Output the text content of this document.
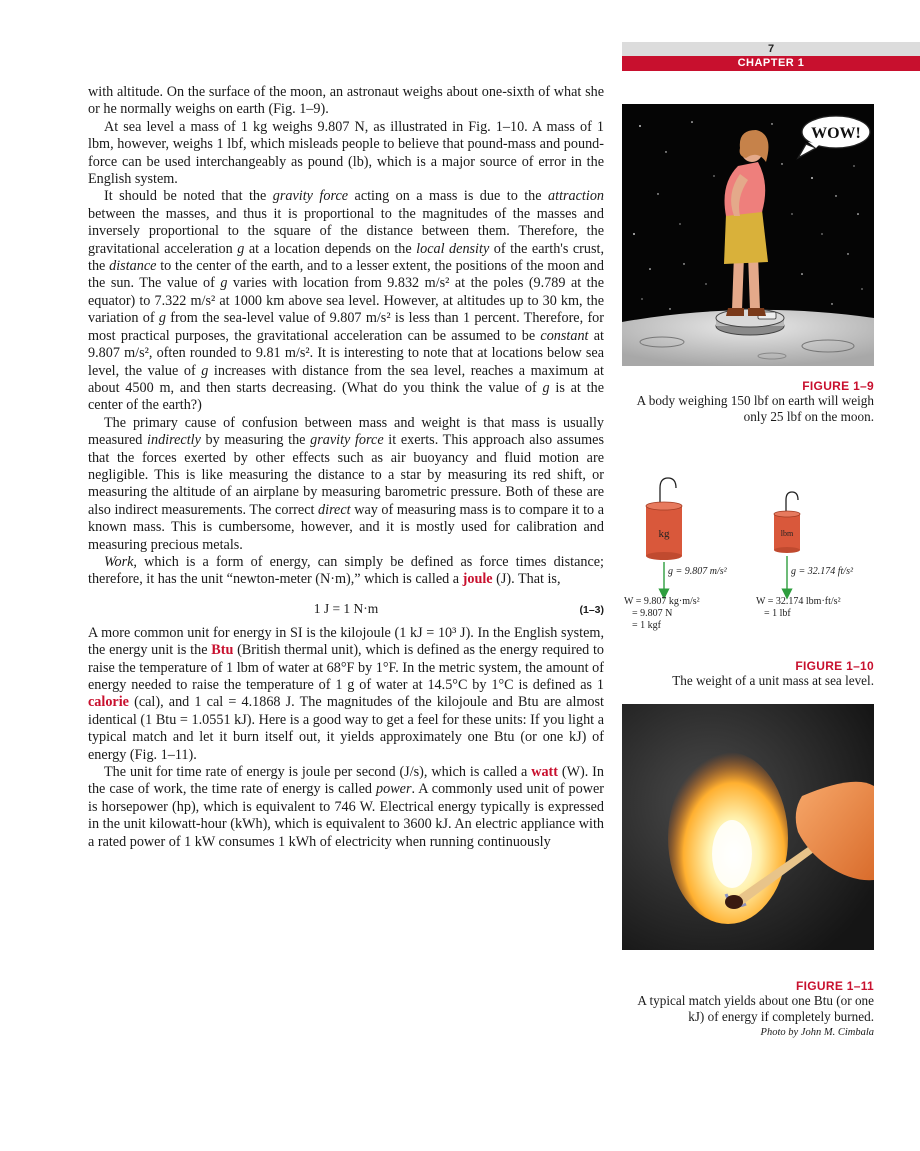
7
CHAPTER 1

with altitude. On the surface of the moon, an astronaut weighs about one-sixth of what she or he normally weighs on earth (Fig. 1–9).

At sea level a mass of 1 kg weighs 9.807 N, as illustrated in Fig. 1–10. A mass of 1 lbm, however, weighs 1 lbf, which misleads people to believe that pound-mass and pound-force can be used interchangeably as pound (lb), which is a major source of error in the English system.

It should be noted that the gravity force acting on a mass is due to the attraction between the masses, and thus it is proportional to the magnitudes of the masses and inversely proportional to the square of the distance between them. Therefore, the gravitational acceleration g at a location depends on the local density of the earth's crust, the distance to the center of the earth, and to a lesser extent, the positions of the moon and the sun. The value of g varies with location from 9.832 m/s² at the poles (9.789 at the equator) to 7.322 m/s² at 1000 km above sea level. However, at altitudes up to 30 km, the variation of g from the sea-level value of 9.807 m/s² is less than 1 percent. Therefore, for most practical purposes, the gravitational acceleration can be assumed to be constant at 9.807 m/s², often rounded to 9.81 m/s². It is interesting to note that at locations below sea level, the value of g increases with distance from the sea level, reaches a maximum at about 4500 m, and then starts decreasing. (What do you think the value of g is at the center of the earth?)

The primary cause of confusion between mass and weight is that mass is usually measured indirectly by measuring the gravity force it exerts. This approach also assumes that the forces exerted by other effects such as air buoyancy and fluid motion are negligible. This is like measuring the distance to a star by measuring its red shift, or measuring the altitude of an airplane by measuring barometric pressure. Both of these are also indirect measurements. The correct direct way of measuring mass is to compare it to a known mass. This is cumbersome, however, and it is mostly used for calibration and measuring precious metals.

Work, which is a form of energy, can simply be defined as force times distance; therefore, it has the unit “newton-meter (N·m),” which is called a joule (J). That is,

1 J = 1 N·m	(1–3)

A more common unit for energy in SI is the kilojoule (1 kJ = 10³ J). In the English system, the energy unit is the Btu (British thermal unit), which is defined as the energy required to raise the temperature of 1 lbm of water at 68°F by 1°F. In the metric system, the amount of energy needed to raise the temperature of 1 g of water at 14.5°C by 1°C is defined as 1 calorie (cal), and 1 cal = 4.1868 J. The magnitudes of the kilojoule and Btu are almost identical (1 Btu = 1.0551 kJ). Here is a good way to get a feel for these units: If you light a typical match and let it burn itself out, it yields approximately one Btu (or one kJ) of energy (Fig. 1–11).

The unit for time rate of energy is joule per second (J/s), which is called a watt (W). In the case of work, the time rate of energy is called power. A commonly used unit of power is horsepower (hp), which is equivalent to 746 W. Electrical energy typically is expressed in the unit kilowatt-hour (kWh), which is equivalent to 3600 kJ. An electric appliance with a rated power of 1 kW consumes 1 kWh of electricity when running continuously

WOW!
FIGURE 1–9
A body weighing 150 lbf on earth will weigh only 25 lbf on the moon.
kg
g = 9.807 m/s²
W = 9.807 kg·m/s²
= 9.807 N
= 1 kgf
lbm
g = 32.174 ft/s²
W = 32.174 lbm·ft/s²
= 1 lbf
FIGURE 1–10
The weight of a unit mass at sea level.
FIGURE 1–11
A typical match yields about one Btu (or one kJ) of energy if completely burned.
Photo by John M. Cimbala
